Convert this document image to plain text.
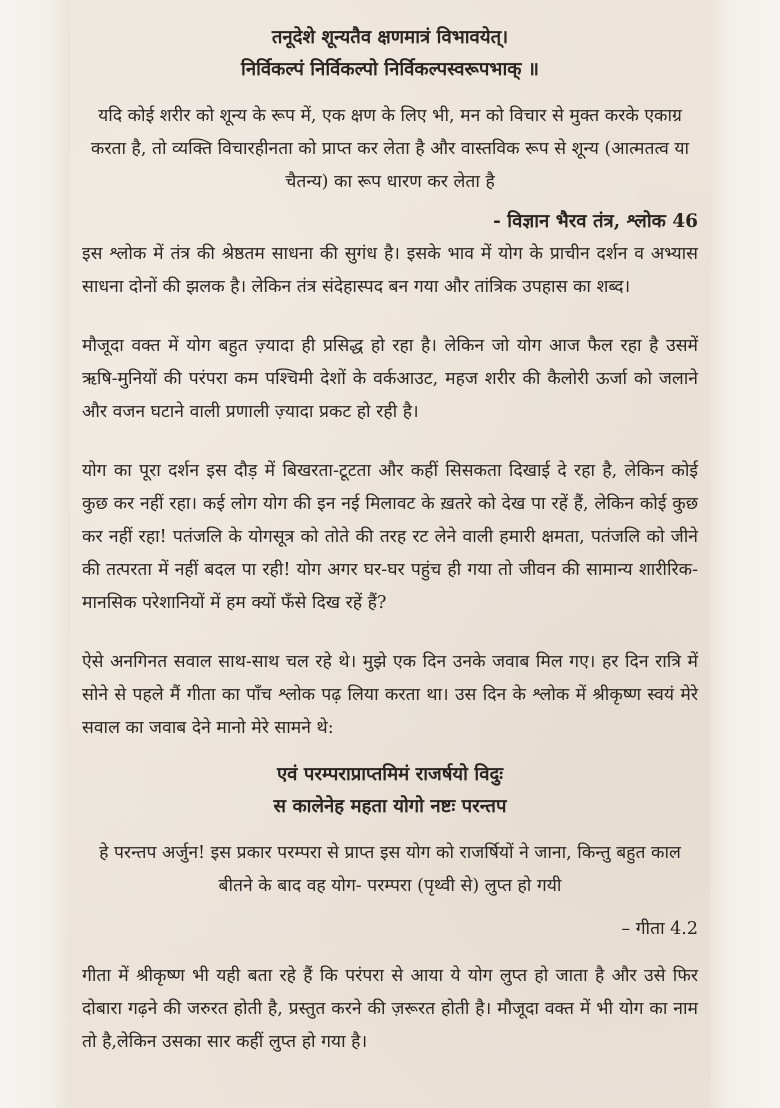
तनूदेशे शून्यतैव क्षणमात्रं विभावयेत्।
निर्विकल्पं निर्विकल्पो निर्विकल्पस्वरूपभाक् ॥
यदि कोई शरीर को शून्य के रूप में, एक क्षण के लिए भी, मन को विचार से मुक्त करके एकाग्र करता है, तो व्यक्ति विचारहीनता को प्राप्त कर लेता है और वास्तविक रूप से शून्य (आत्मतत्व या चैतन्य) का रूप धारण कर लेता है
- विज्ञान भैरव तंत्र, श्लोक 46

इस श्लोक में तंत्र की श्रेष्ठतम साधना की सुगंध है। इसके भाव में योग के प्राचीन दर्शन व अभ्यास साधना दोनों की झलक है। लेकिन तंत्र संदेहास्पद बन गया और तांत्रिक उपहास का शब्द।

मौजूदा वक्त में योग बहुत ज़्यादा ही प्रसिद्ध हो रहा है। लेकिन जो योग आज फैल रहा है उसमें ऋषि-मुनियों की परंपरा कम पश्चिमी देशों के वर्कआउट, महज शरीर की कैलोरी ऊर्जा को जलाने और वजन घटाने वाली प्रणाली ज़्यादा प्रकट हो रही है।

योग का पूरा दर्शन इस दौड़ में बिखरता-टूटता और कहीं सिसकता दिखाई दे रहा है, लेकिन कोई कुछ कर नहीं रहा। कई लोग योग की इन नई मिलावट के ख़तरे को देख पा रहें हैं, लेकिन कोई कुछ कर नहीं रहा! पतंजलि के योगसूत्र को तोते की तरह रट लेने वाली हमारी क्षमता, पतंजलि को जीने की तत्परता में नहीं बदल पा रही! योग अगर घर-घर पहुंच ही गया तो जीवन की सामान्य शारीरिक-मानसिक परेशानियों में हम क्यों फँसे दिख रहें हैं?

ऐसे अनगिनत सवाल साथ-साथ चल रहे थे। मुझे एक दिन उनके जवाब मिल गए। हर दिन रात्रि में सोने से पहले मैं गीता का पाँच श्लोक पढ़ लिया करता था। उस दिन के श्लोक में श्रीकृष्ण स्वयं मेरे सवाल का जवाब देने मानो मेरे सामने थे:

एवं परम्पराप्राप्तमिमं राजर्षयो विदुः
स कालेनेह महता योगो नष्टः परन्तप
हे परन्तप अर्जुन! इस प्रकार परम्परा से प्राप्त इस योग को राजर्षियों ने जाना, किन्तु बहुत काल बीतने के बाद वह योग- परम्परा (पृथ्वी से) लुप्त हो गयी
– गीता 4.2

गीता में श्रीकृष्ण भी यही बता रहे हैं कि परंपरा से आया ये योग लुप्त हो जाता है और उसे फिर दोबारा गढ़ने की जरुरत होती है, प्रस्तुत करने की ज़रूरत होती है। मौजूदा वक्त में भी योग का नाम तो है,लेकिन उसका सार कहीं लुप्त हो गया है।
